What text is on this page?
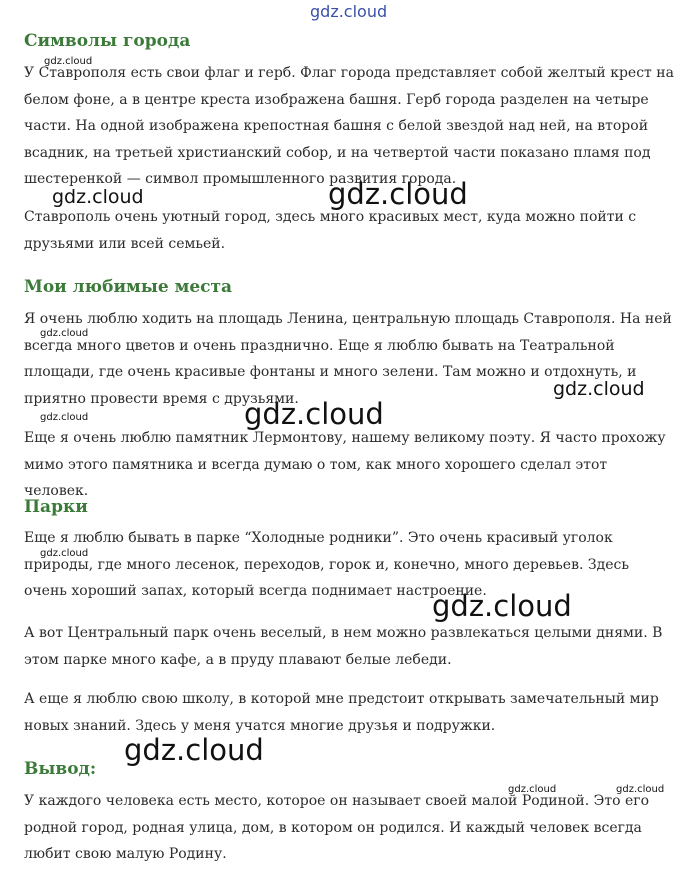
gdz.cloud
Символы города

У Ставрополя есть свои флаг и герб. Флаг города представляет собой желтый крест на белом фоне, а в центре креста изображена башня. Герб города разделен на четыре части. На одной изображена крепостная башня с белой звездой над ней, на второй всадник, на третьей христианский собор, и на четвертой части показано пламя под шестеренкой — символ промышленного развития города.

Ставрополь очень уютный город, здесь много красивых мест, куда можно пойти с друзьями или всей семьей.

Мои любимые места

Я очень люблю ходить на площадь Ленина, центральную площадь Ставрополя. На ней всегда много цветов и очень празднично. Еще я люблю бывать на Театральной площади, где очень красивые фонтаны и много зелени. Там можно и отдохнуть, и приятно провести время с друзьями.

Еще я очень люблю памятник Лермонтову, нашему великому поэту. Я часто прохожу мимо этого памятника и всегда думаю о том, как много хорошего сделал этот человек.

Парки

Еще я люблю бывать в парке “Холодные родники”. Это очень красивый уголок природы, где много лесенок, переходов, горок и, конечно, много деревьев. Здесь очень хороший запах, который всегда поднимает настроение.

А вот Центральный парк очень веселый, в нем можно развлекаться целыми днями. В этом парке много кафе, а в пруду плавают белые лебеди.

А еще я люблю свою школу, в которой мне предстоит открывать замечательный мир новых знаний. Здесь у меня учатся многие друзья и подружки.

Вывод:

У каждого человека есть место, которое он называет своей малой Родиной. Это его родной город, родная улица, дом, в котором он родился. И каждый человек всегда любит свою малую Родину.

gdz.cloud
gdz.cloud	gdz.cloud
gdz.cloud
gdz.cloud
gdz.cloud
gdz.cloud
gdz.cloud
gdz.cloud
gdz.cloud
gdz.cloud	gdz.cloud
